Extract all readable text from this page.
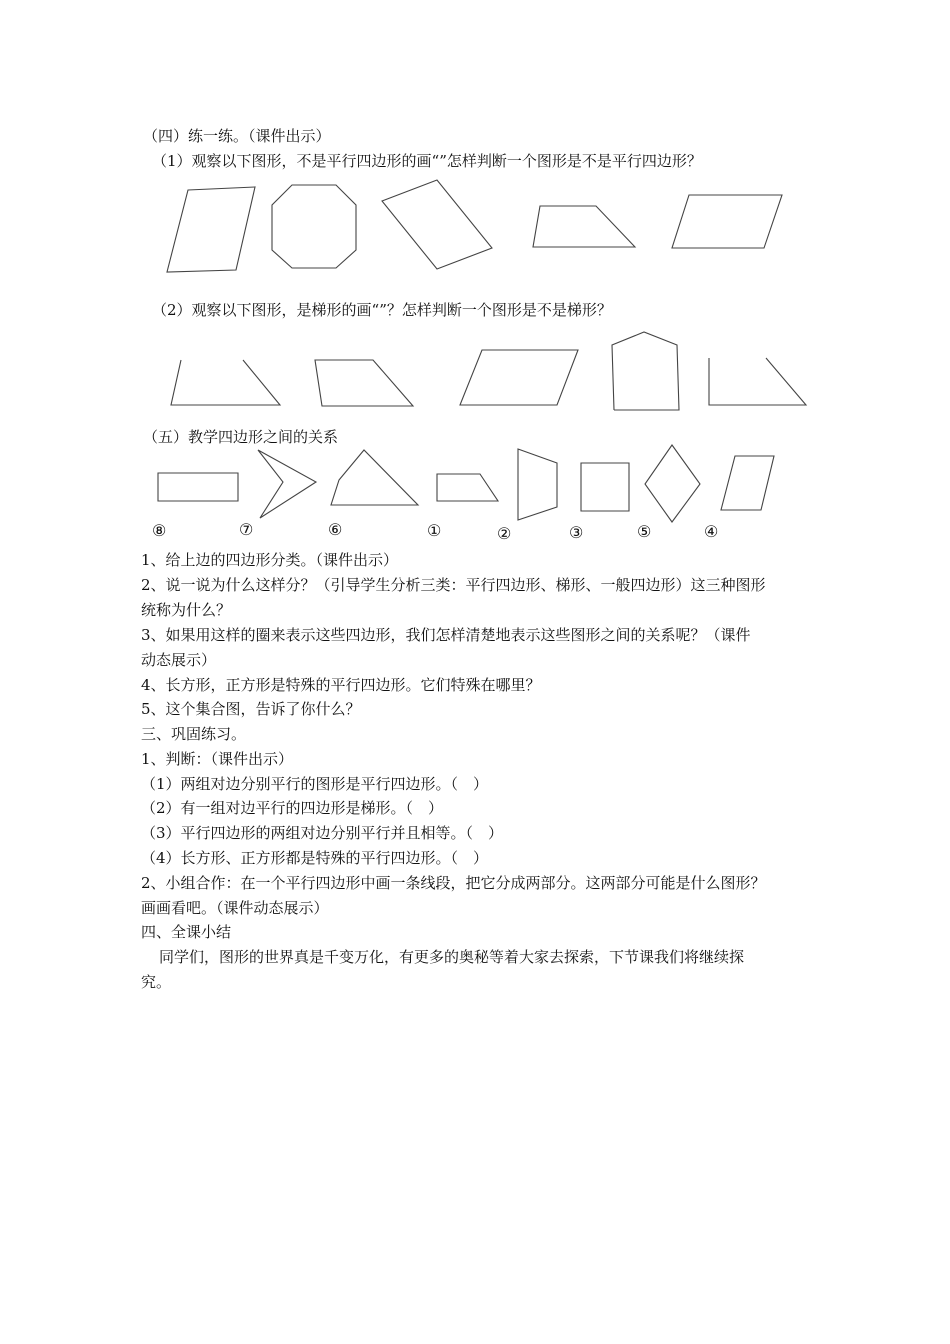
（四）练一练。（课件出示）
（1）观察以下图形，不是平行四边形的画“”怎样判断一个图形是不是平行四边形？
（2）观察以下图形，是梯形的画“”？怎样判断一个图形是不是梯形？
（五）教学四边形之间的关系
⑧	⑦	⑥	①	②	③	⑤	④
1、给上边的四边形分类。（课件出示）
2、说一说为什么这样分？（引导学生分析三类：平行四边形、梯形、一般四边形）这三种图形
统称为什么？
3、如果用这样的圈来表示这些四边形，我们怎样清楚地表示这些图形之间的关系呢？（课件
动态展示）
4、长方形，正方形是特殊的平行四边形。它们特殊在哪里？
5、这个集合图，告诉了你什么？
三、巩固练习。
1、判断：（课件出示）
（1）两组对边分别平行的图形是平行四边形。（　）
（2）有一组对边平行的四边形是梯形。（　）
（3）平行四边形的两组对边分别平行并且相等。（　）
（4）长方形、正方形都是特殊的平行四边形。（　）
2、小组合作：在一个平行四边形中画一条线段，把它分成两部分。这两部分可能是什么图形？
画画看吧。（课件动态展示）
四、全课小结
同学们，图形的世界真是千变万化，有更多的奥秘等着大家去探索，下节课我们将继续探
究。
